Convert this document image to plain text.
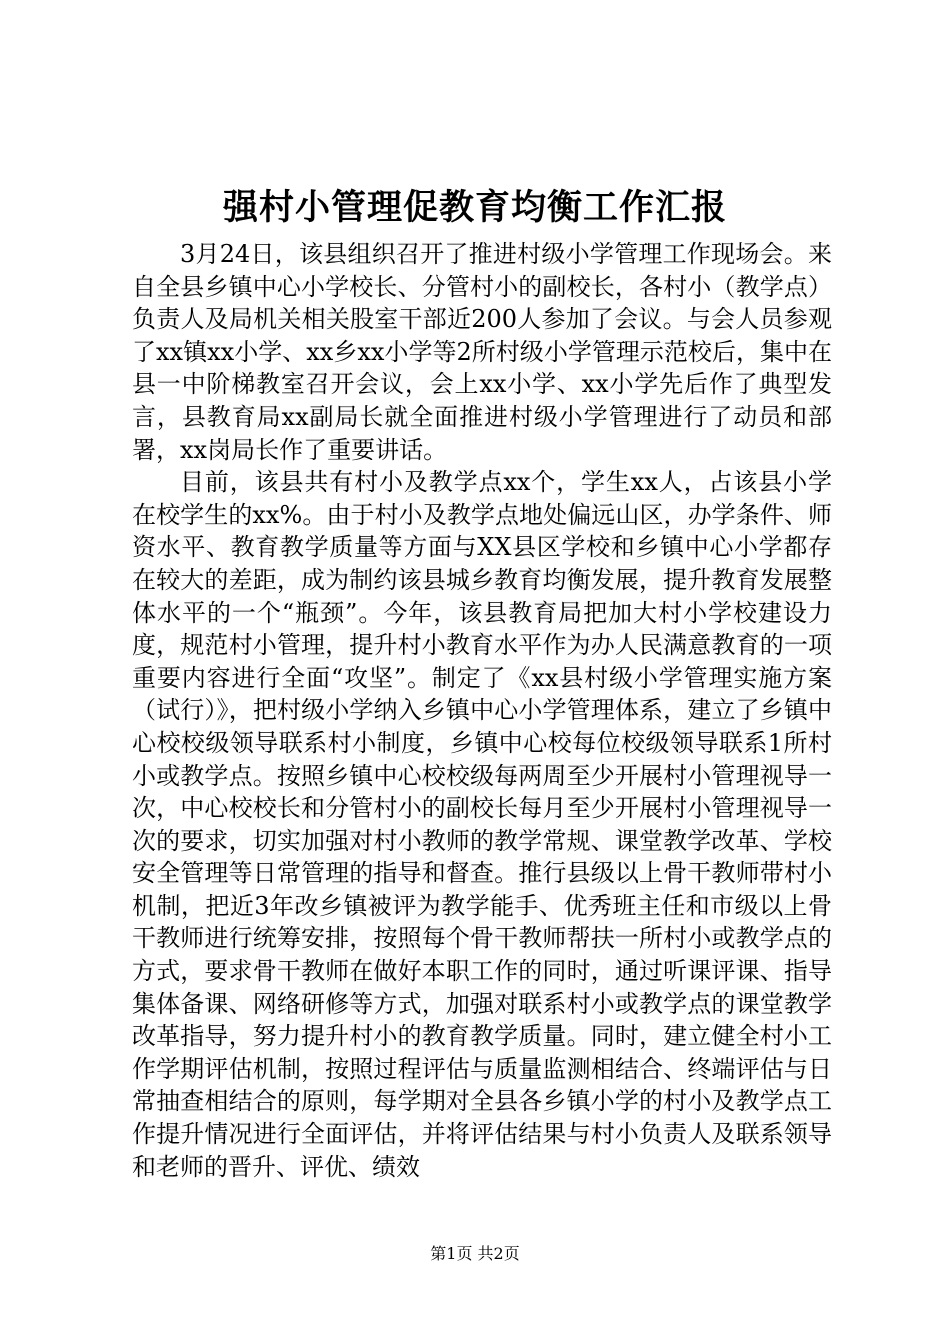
强村小管理促教育均衡工作汇报

3月24日，该县组织召开了推进村级小学管理工作现场会。来自全县乡镇中心小学校长、分管村小的副校长，各村小（教学点）负责人及局机关相关股室干部近200人参加了会议。与会人员参观了xx镇xx小学、xx乡xx小学等2所村级小学管理示范校后，集中在县一中阶梯教室召开会议，会上xx小学、xx小学先后作了典型发言，县教育局xx副局长就全面推进村级小学管理进行了动员和部署，xx岗局长作了重要讲话。

目前，该县共有村小及教学点xx个，学生xx人，占该县小学在校学生的xx%。由于村小及教学点地处偏远山区，办学条件、师资水平、教育教学质量等方面与XX县区学校和乡镇中心小学都存在较大的差距，成为制约该县城乡教育均衡发展，提升教育发展整体水平的一个“瓶颈”。今年，该县教育局把加大村小学校建设力度，规范村小管理，提升村小教育水平作为办人民满意教育的一项重要内容进行全面“攻坚”。制定了《xx县村级小学管理实施方案（试行）》，把村级小学纳入乡镇中心小学管理体系，建立了乡镇中心校校级领导联系村小制度，乡镇中心校每位校级领导联系1所村小或教学点。按照乡镇中心校校级每两周至少开展村小管理视导一次，中心校校长和分管村小的副校长每月至少开展村小管理视导一次的要求，切实加强对村小教师的教学常规、课堂教学改革、学校安全管理等日常管理的指导和督查。推行县级以上骨干教师带村小机制，把近3年改乡镇被评为教学能手、优秀班主任和市级以上骨干教师进行统筹安排，按照每个骨干教师帮扶一所村小或教学点的方式，要求骨干教师在做好本职工作的同时，通过听课评课、指导集体备课、网络研修等方式，加强对联系村小或教学点的课堂教学改革指导，努力提升村小的教育教学质量。同时，建立健全村小工作学期评估机制，按照过程评估与质量监测相结合、终端评估与日常抽查相结合的原则，每学期对全县各乡镇小学的村小及教学点工作提升情况进行全面评估，并将评估结果与村小负责人及联系领导和老师的晋升、评优、绩效

第1页 共2页
